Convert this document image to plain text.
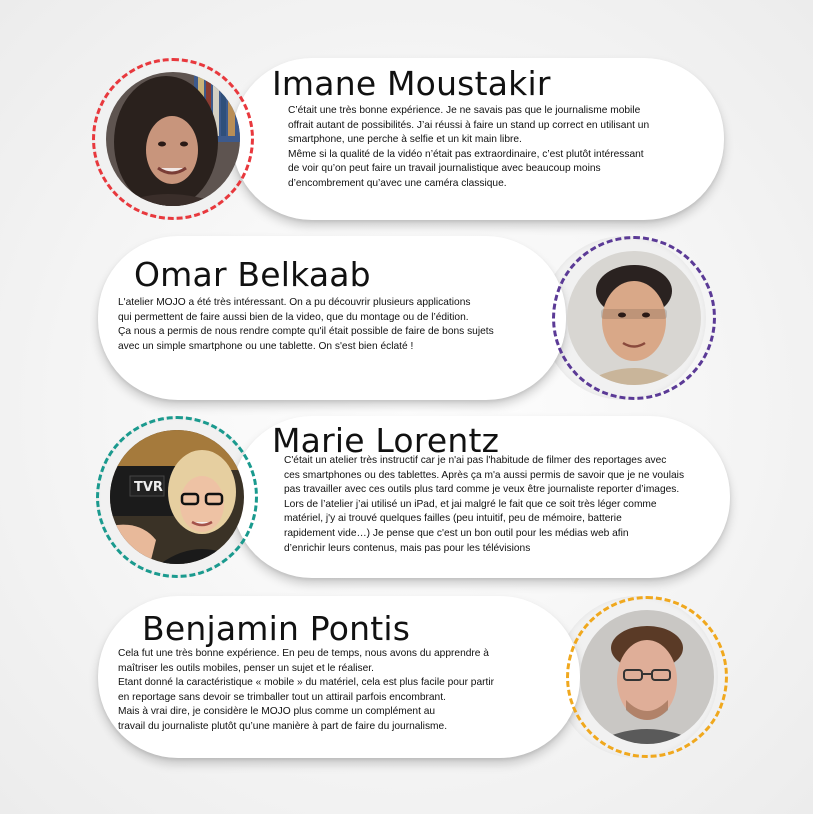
Imane Moustakir
C’était une très bonne expérience. Je ne savais pas que le journalisme mobile
offrait autant de possibilités. J’ai réussi à faire un stand up correct en utilisant un
smartphone, une perche à selfie et un kit main libre.
Même si la qualité de la vidéo n’était pas extraordinaire, c’est plutôt intéressant
de voir qu’on peut faire un travail journalistique avec beaucoup moins
d’encombrement qu’avec une caméra classique.
Omar Belkaab
L'atelier MOJO a été très intéressant. On a pu découvrir plusieurs applications
qui permettent de faire aussi bien de la video, que du montage ou de l’édition.
Ça nous a permis de nous rendre compte qu'il était possible de faire de bons sujets
avec un simple smartphone ou une tablette. On s'est bien éclaté !
TVR
Marie Lorentz
C'était un atelier très instructif car je n'ai pas l'habitude de filmer des reportages avec
ces smartphones ou des tablettes. Après ça m'a aussi permis de savoir que je ne voulais
pas travailler avec ces outils plus tard comme je veux être journaliste reporter d’images.
Lors de l’atelier j’ai utilisé un iPad, et jai malgré le fait que ce soit très léger comme
matériel, j'y ai trouvé quelques failles (peu intuitif, peu de mémoire, batterie
rapidement vide…) Je pense que c'est un bon outil pour les médias web afin
d’enrichir leurs contenus, mais pas pour les télévisions
Benjamin Pontis
Cela fut une très bonne expérience. En peu de temps, nous avons du apprendre à
maîtriser les outils mobiles, penser un sujet et le réaliser.
Etant donné la caractéristique « mobile » du matériel, cela est plus facile pour partir
en reportage sans devoir se trimballer tout un attirail parfois encombrant.
Mais à vrai dire, je considère le MOJO plus comme un complément au
travail du journaliste plutôt qu’une manière à part de faire du journalisme.
